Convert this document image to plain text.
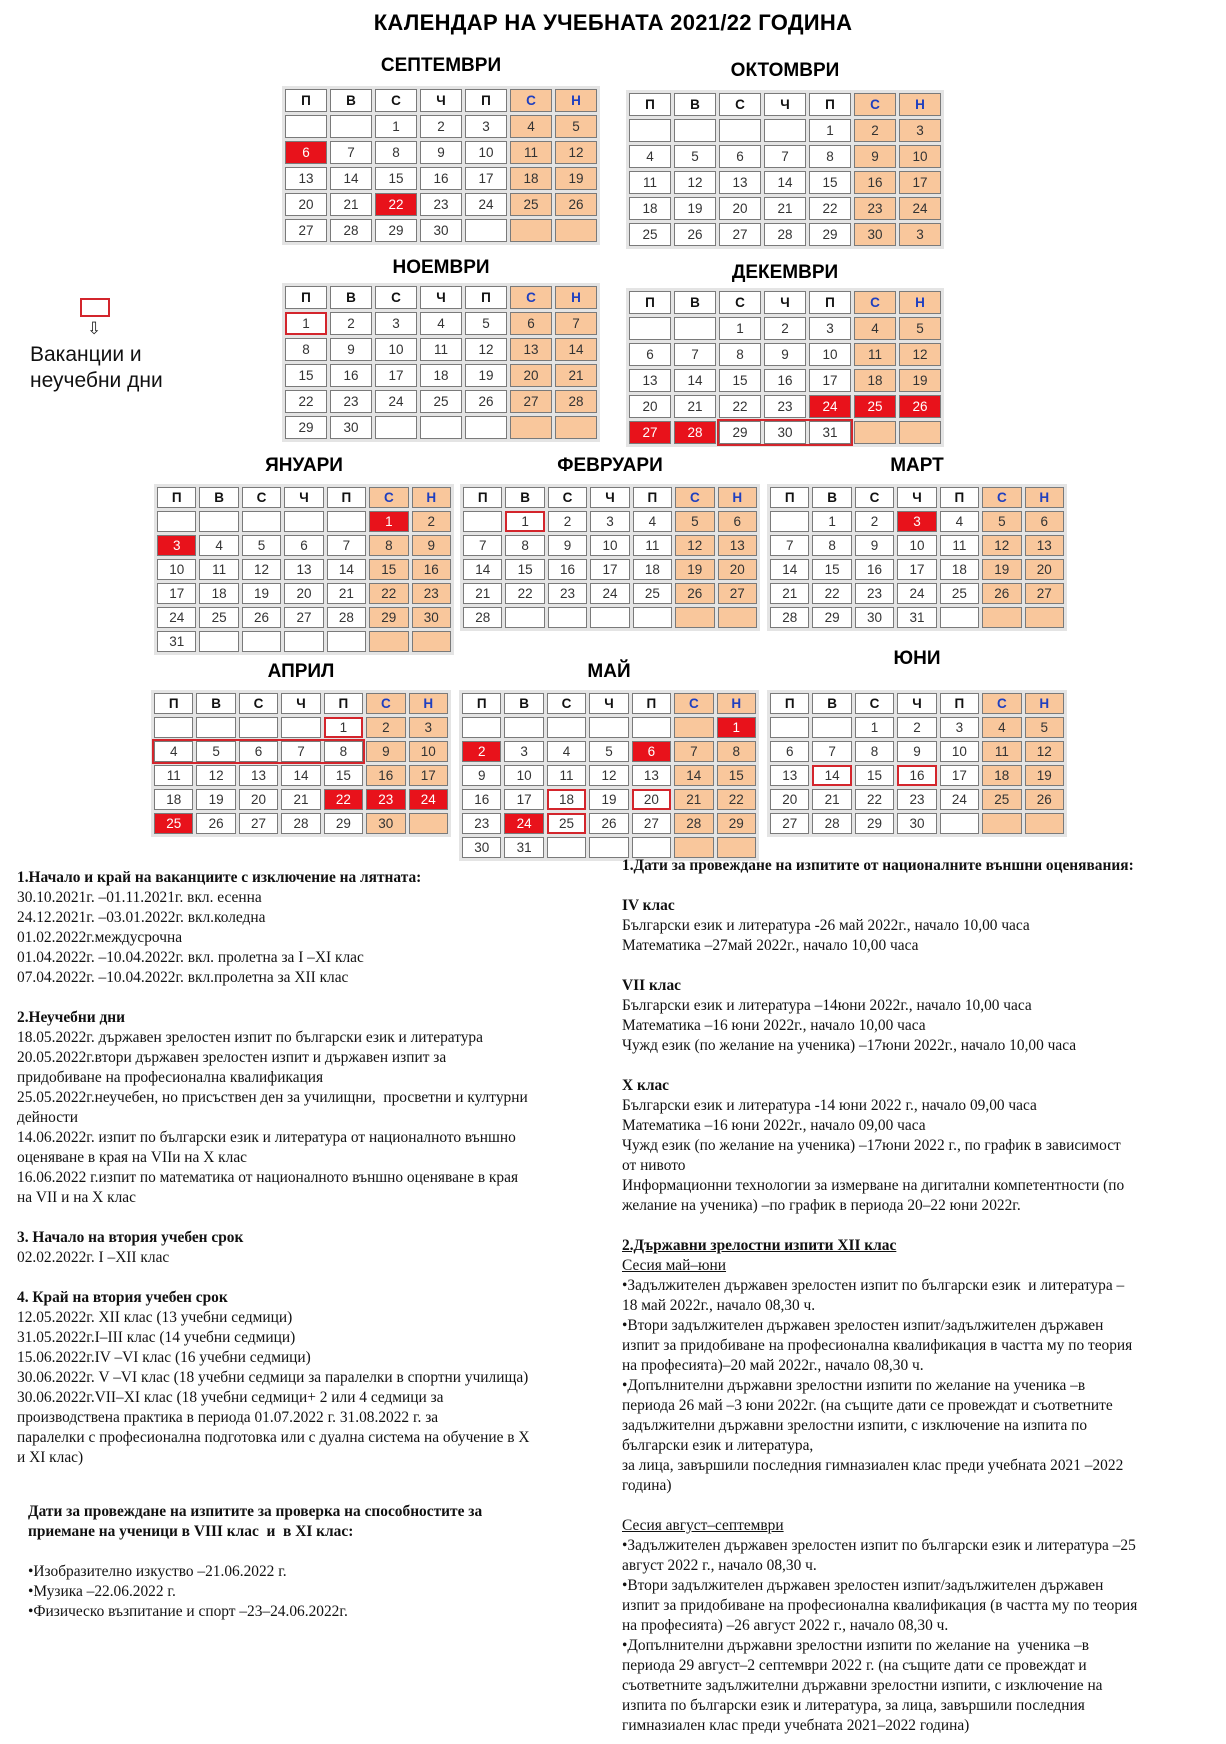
КАЛЕНДАР НА УЧЕБНАТА 2021/22 ГОДИНА
СЕПТЕМВРИ
П	В	С	Ч	П	С	Н
		1	2	3	4	5
6	7	8	9	10	11	12
13	14	15	16	17	18	19
20	21	22	23	24	25	26
27	28	29	30			
ОКТОМВРИ
П	В	С	Ч	П	С	Н
				1	2	3
4	5	6	7	8	9	10
11	12	13	14	15	16	17
18	19	20	21	22	23	24
25	26	27	28	29	30	3
НОЕМВРИ
П	В	С	Ч	П	С	Н
1	2	3	4	5	6	7
8	9	10	11	12	13	14
15	16	17	18	19	20	21
22	23	24	25	26	27	28
29	30					
ДЕКЕМВРИ
П	В	С	Ч	П	С	Н
		1	2	3	4	5
6	7	8	9	10	11	12
13	14	15	16	17	18	19
20	21	22	23	24	25	26
27	28	29	30	31		
ЯНУАРИ
П	В	С	Ч	П	С	Н
					1	2
3	4	5	6	7	8	9
10	11	12	13	14	15	16
17	18	19	20	21	22	23
24	25	26	27	28	29	30
31						
ФЕВРУАРИ
П	В	С	Ч	П	С	Н
	1	2	3	4	5	6
7	8	9	10	11	12	13
14	15	16	17	18	19	20
21	22	23	24	25	26	27
28						
МАРТ
П	В	С	Ч	П	С	Н
	1	2	3	4	5	6
7	8	9	10	11	12	13
14	15	16	17	18	19	20
21	22	23	24	25	26	27
28	29	30	31			
АПРИЛ
П	В	С	Ч	П	С	Н
				1	2	3
4	5	6	7	8	9	10
11	12	13	14	15	16	17
18	19	20	21	22	23	24
25	26	27	28	29	30	
МАЙ
П	В	С	Ч	П	С	Н
						1
2	3	4	5	6	7	8
9	10	11	12	13	14	15
16	17	18	19	20	21	22
23	24	25	26	27	28	29
30	31					
ЮНИ
П	В	С	Ч	П	С	Н
		1	2	3	4	5
6	7	8	9	10	11	12
13	14	15	16	17	18	19
20	21	22	23	24	25	26
27	28	29	30			
⇩
Ваканции и
неучебни дни

1.Начало и край на ваканциите с изключение на лятната:

30.10.2021г. –01.11.2021г. вкл. есенна

24.12.2021г. –03.01.2022г. вкл.коледна

01.02.2022г.междусрочна

01.04.2022г. –10.04.2022г. вкл. пролетна за I –XI клас

07.04.2022г. –10.04.2022г. вкл.пролетна за XII клас

2.Неучебни дни

18.05.2022г. държавен зрелостен изпит по български език и литература

20.05.2022г.втори държавен зрелостен изпит и държавен изпит за

придобиване на професионална квалификация

25.05.2022г.неучебен, но присъствен ден за училищни,  просветни и културни

дейности

14.06.2022г. изпит по български език и литература от националното външно

оценяване в края на VIIи на X клас

16.06.2022 г.изпит по математика от националното външно оценяване в края

на VII и на X клас

3. Начало на втория учебен срок

02.02.2022г. I –XII клас

4. Край на втория учебен срок

12.05.2022г. XII клас (13 учебни седмици)

31.05.2022г.I–III клас (14 учебни седмици)

15.06.2022г.IV –VI клас (16 учебни седмици)

30.06.2022г. V –VI клас (18 учебни седмици за паралелки в спортни училища)

30.06.2022г.VII–XI клас (18 учебни седмици+ 2 или 4 седмици за

производствена практика в периода 01.07.2022 г. 31.08.2022 г. за

паралелки с професионална подготовка или с дуална система на обучение в X

и XI клас)

Дати за провеждане на изпитите за проверка на способностите за

приемане на ученици в VIII клас  и  в XI клас:

•Изобразително изкуство –21.06.2022 г.

•Музика –22.06.2022 г.

•Физическо възпитание и спорт –23–24.06.2022г.

1.Дати за провеждане на изпитите от националните външни оценявания:

IV клас

Български език и литература -26 май 2022г., начало 10,00 часа

Математика –27май 2022г., начало 10,00 часа

VII клас

Български език и литература –14юни 2022г., начало 10,00 часа

Математика –16 юни 2022г., начало 10,00 часа

Чужд език (по желание на ученика) –17юни 2022г., начало 10,00 часа

X клас

Български език и литература -14 юни 2022 г., начало 09,00 часа

Математика –16 юни 2022г., начало 09,00 часа

Чужд език (по желание на ученика) –17юни 2022 г., по график в зависимост

от нивото

Информационни технологии за измерване на дигитални компетентности (по

желание на ученика) –по график в периода 20–22 юни 2022г.

2.Държавни зрелостни изпити XII клас

Сесия май–юни

•Задължителен държавен зрелостен изпит по български език  и литература –

18 май 2022г., начало 08,30 ч.

•Втори задължителен държавен зрелостен изпит/задължителен държавен

изпит за придобиване на професионална квалификация в частта му по теория

на професията)–20 май 2022г., начало 08,30 ч.

•Допълнителни държавни зрелостни изпити по желание на ученика –в

периода 26 май –3 юни 2022г. (на същите дати се провеждат и съответните

задължителни държавни зрелостни изпити, с изключение на изпита по

български език и литература,

за лица, завършили последния гимназиален клас преди учебната 2021 –2022

година)

Сесия август–септември

•Задължителен държавен зрелостен изпит по български език и литература –25

август 2022 г., начало 08,30 ч.

•Втори задължителен държавен зрелостен изпит/задължителен държавен

изпит за придобиване на професионална квалификация (в частта му по теория

на професията) –26 август 2022 г., начало 08,30 ч.

•Допълнителни държавни зрелостни изпити по желание на  ученика –в

периода 29 август–2 септември 2022 г. (на същите дати се провеждат и

съответните задължителни държавни зрелостни изпити, с изключение на

изпита по български език и литература, за лица, завършили последния

гимназиален клас преди учебната 2021–2022 година)
